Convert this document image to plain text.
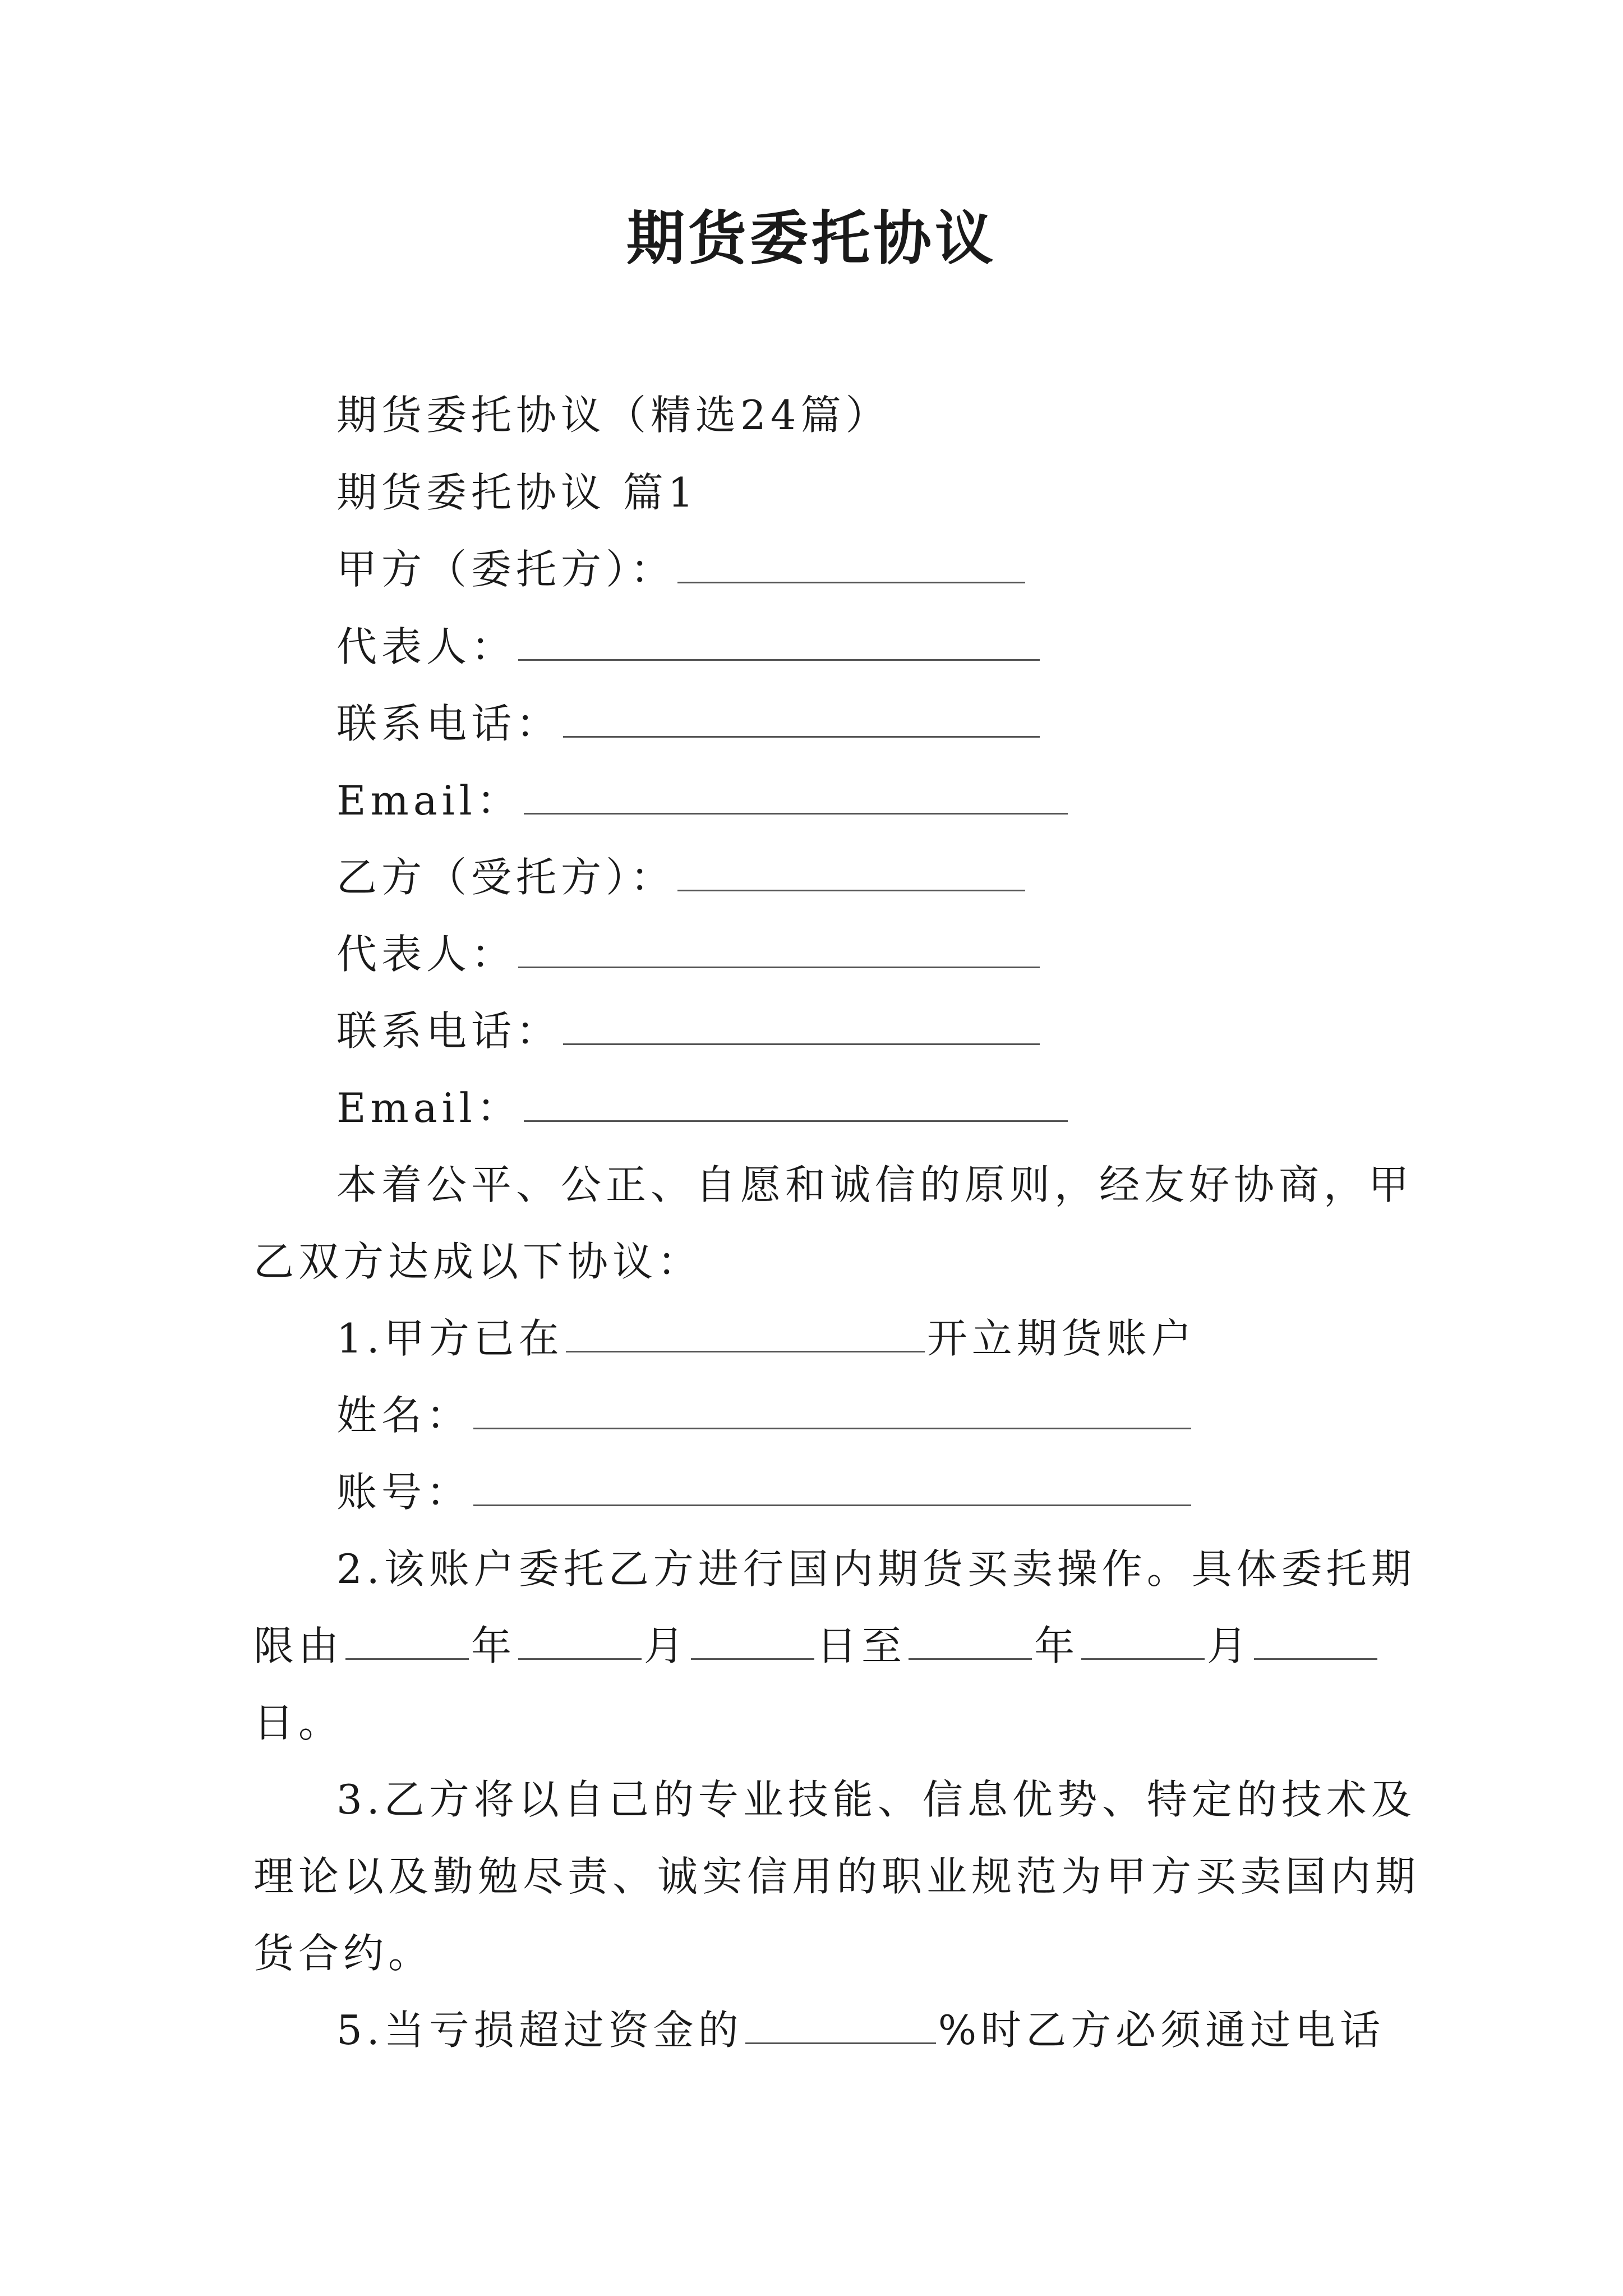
期货委托协议
期货委托协议（精选24篇）
期货委托协议 篇1
甲方（委托方）：
代表人：
联系电话：
Email：
乙方（受托方）：
代表人：
联系电话：
Email：
本着公平、公正、自愿和诚信的原则，经友好协商，甲
乙双方达成以下协议：
1.甲方已在	开立期货账户
姓名：
账号：
2.该账户委托乙方进行国内期货买卖操作。具体委托期
限由	年	月	日至	年	月
日。
3.乙方将以自己的专业技能、信息优势、特定的技术及
理论以及勤勉尽责、诚实信用的职业规范为甲方买卖国内期
货合约。
5.当亏损超过资金的	%时乙方必须通过电话
